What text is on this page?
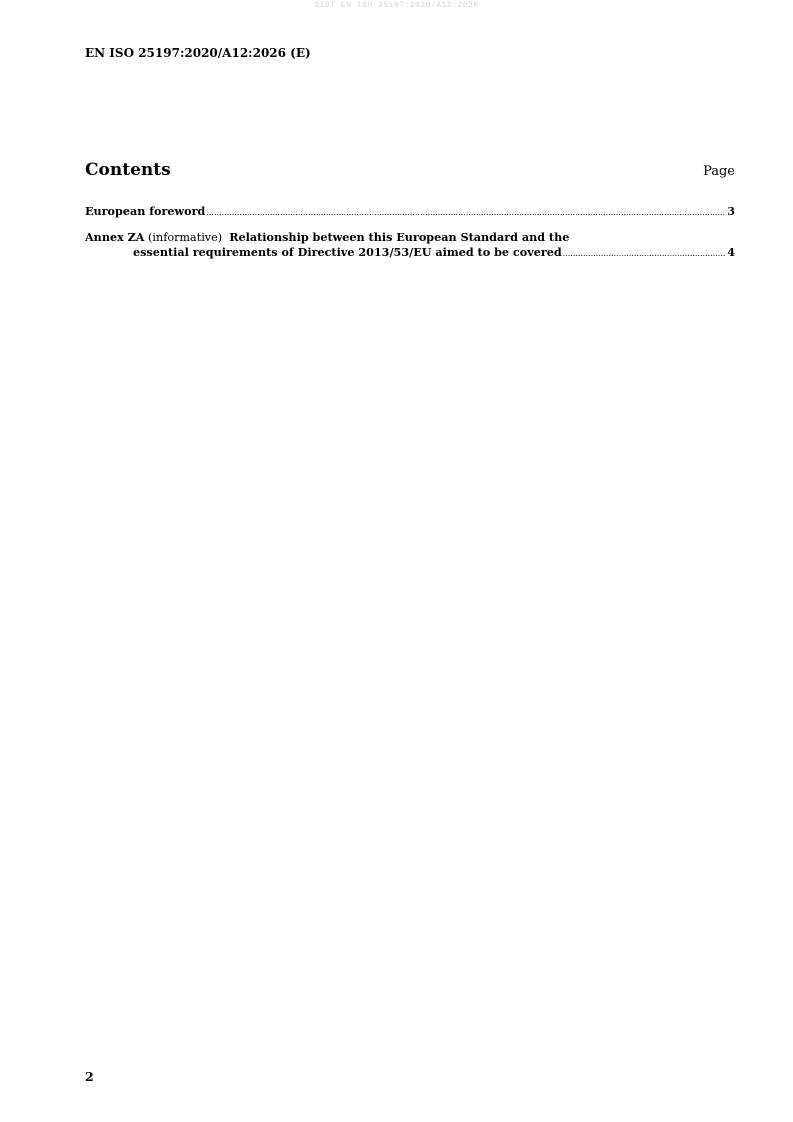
SIST EN ISO 25197:2020/A12:2026
EN ISO 25197:2020/A12:2026 (E)
Contents	Page
European foreword .....	3
Annex ZA
(informative)
Relationship between this European Standard and the
essential requirements of Directive 2013/53/EU aimed to be covered .....	4
2
